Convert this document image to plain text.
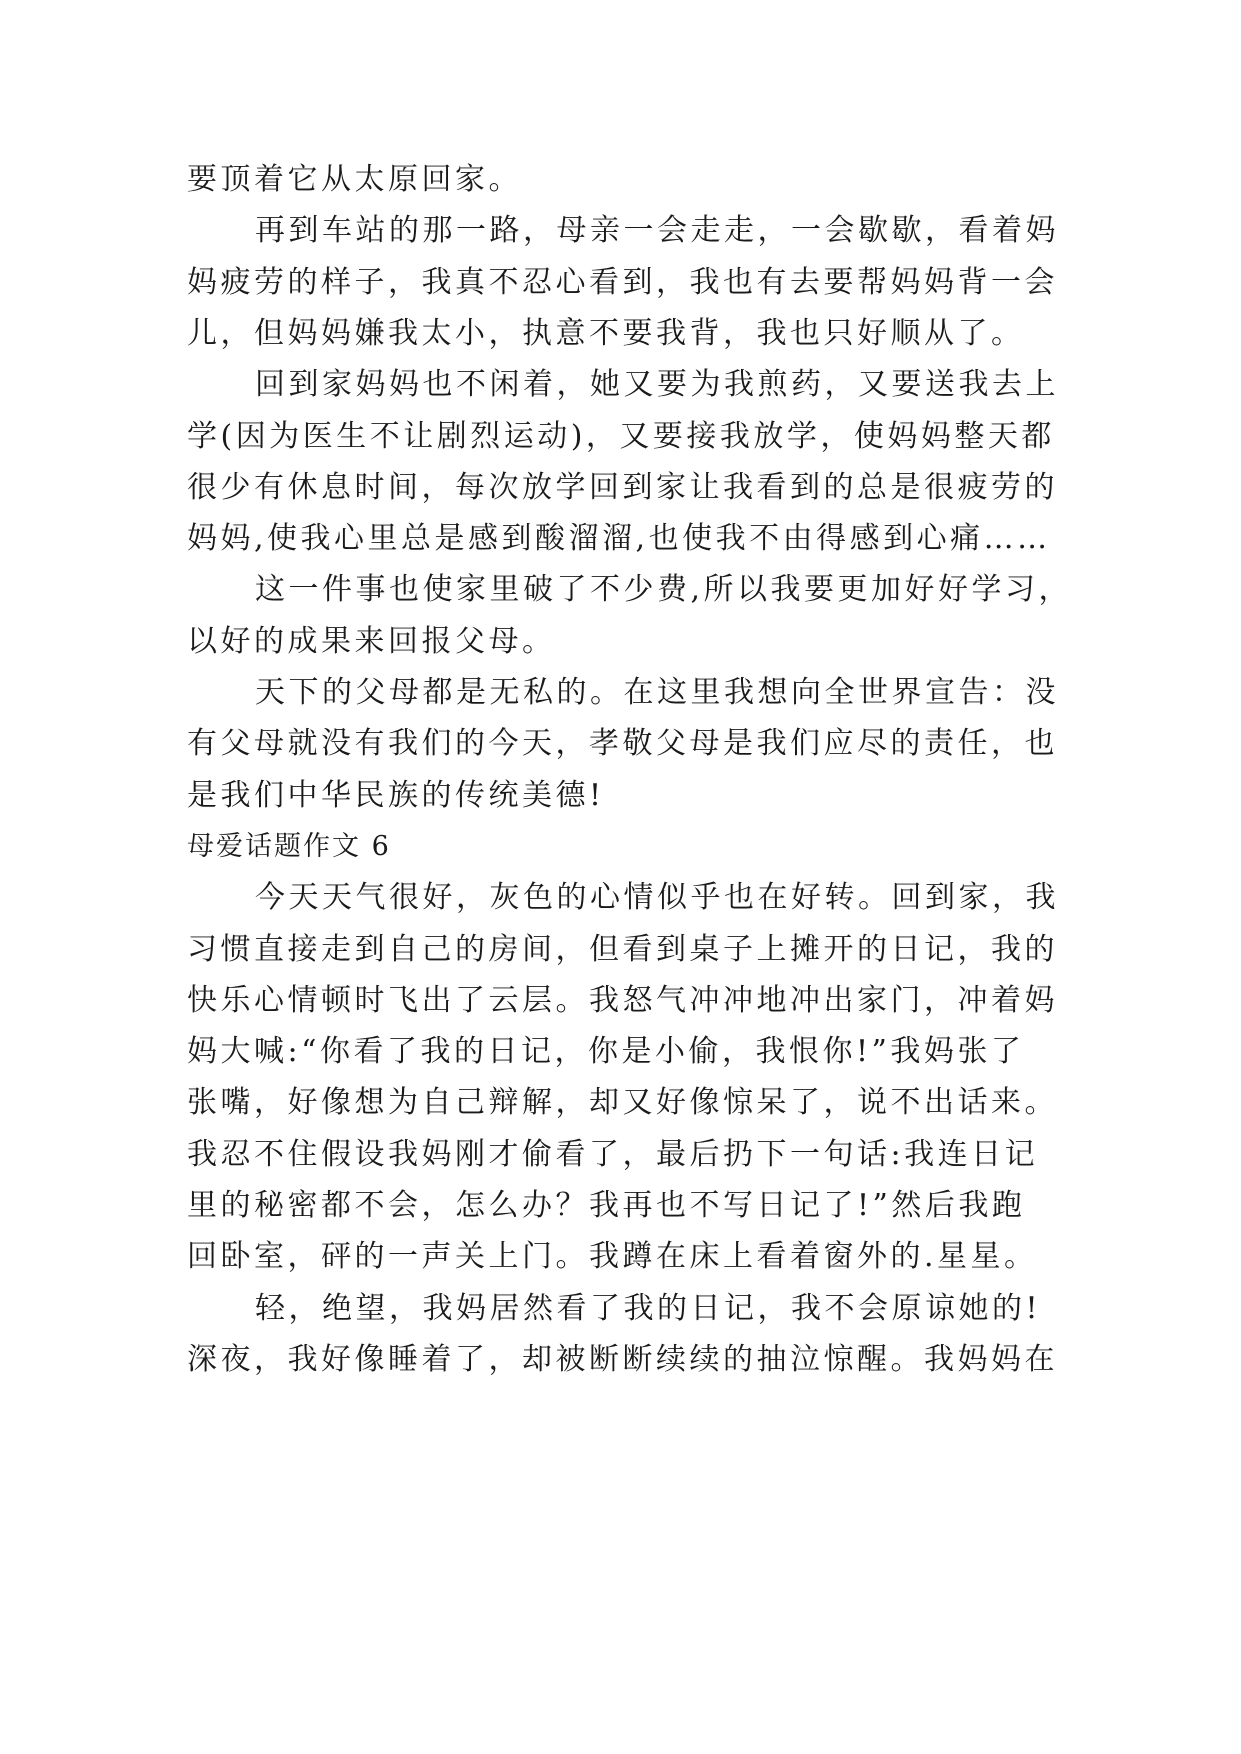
要顶着它从太原回家。
再到车站的那一路，母亲一会走走，一会歇歇，看着妈
妈疲劳的样子，我真不忍心看到，我也有去要帮妈妈背一会
儿，但妈妈嫌我太小，执意不要我背，我也只好顺从了。
回到家妈妈也不闲着，她又要为我煎药，又要送我去上
学(因为医生不让剧烈运动)，又要接我放学，使妈妈整天都
很少有休息时间，每次放学回到家让我看到的总是很疲劳的
妈妈,使我心里总是感到酸溜溜,也使我不由得感到心痛……
这一件事也使家里破了不少费,所以我要更加好好学习，
以好的成果来回报父母。
天下的父母都是无私的。在这里我想向全世界宣告：没
有父母就没有我们的今天，孝敬父母是我们应尽的责任，也
是我们中华民族的传统美德!
母爱话题作文 6
今天天气很好，灰色的心情似乎也在好转。回到家，我
习惯直接走到自己的房间，但看到桌子上摊开的日记，我的
快乐心情顿时飞出了云层。我怒气冲冲地冲出家门，冲着妈
妈大喊:“你看了我的日记，你是小偷，我恨你!”我妈张了
张嘴，好像想为自己辩解，却又好像惊呆了，说不出话来。
我忍不住假设我妈刚才偷看了，最后扔下一句话:我连日记
里的秘密都不会，怎么办？我再也不写日记了!”然后我跑
回卧室，砰的一声关上门。我蹲在床上看着窗外的.星星。
轻，绝望，我妈居然看了我的日记，我不会原谅她的!
深夜，我好像睡着了，却被断断续续的抽泣惊醒。我妈妈在
